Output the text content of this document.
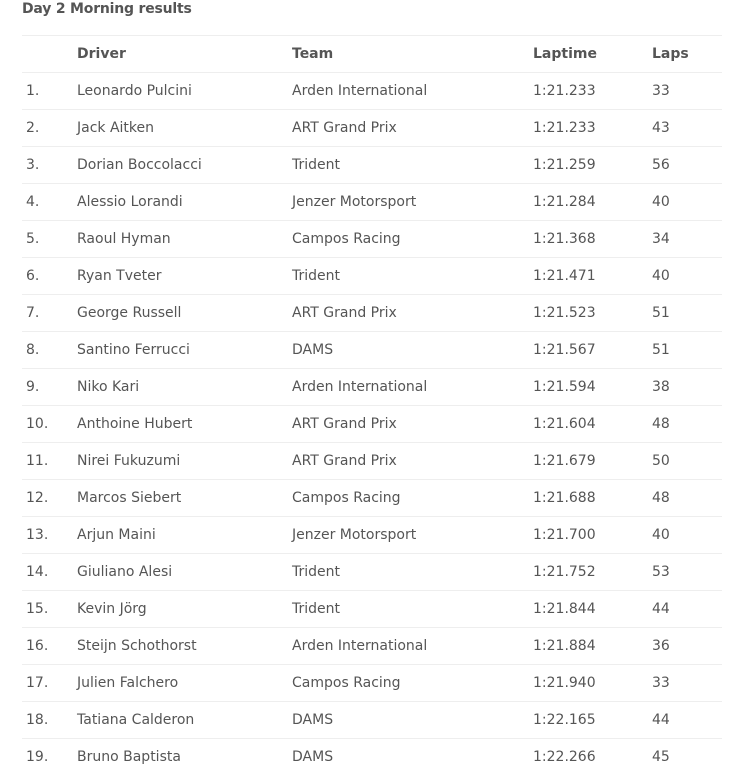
Day 2 Morning results
	Driver	Team	Laptime	Laps
1.	Leonardo Pulcini	Arden International	1:21.233	33
2.	Jack Aitken	ART Grand Prix	1:21.233	43
3.	Dorian Boccolacci	Trident	1:21.259	56
4.	Alessio Lorandi	Jenzer Motorsport	1:21.284	40
5.	Raoul Hyman	Campos Racing	1:21.368	34
6.	Ryan Tveter	Trident	1:21.471	40
7.	George Russell	ART Grand Prix	1:21.523	51
8.	Santino Ferrucci	DAMS	1:21.567	51
9.	Niko Kari	Arden International	1:21.594	38
10.	Anthoine Hubert	ART Grand Prix	1:21.604	48
11.	Nirei Fukuzumi	ART Grand Prix	1:21.679	50
12.	Marcos Siebert	Campos Racing	1:21.688	48
13.	Arjun Maini	Jenzer Motorsport	1:21.700	40
14.	Giuliano Alesi	Trident	1:21.752	53
15.	Kevin Jörg	Trident	1:21.844	44
16.	Steijn Schothorst	Arden International	1:21.884	36
17.	Julien Falchero	Campos Racing	1:21.940	33
18.	Tatiana Calderon	DAMS	1:22.165	44
19.	Bruno Baptista	DAMS	1:22.266	45
